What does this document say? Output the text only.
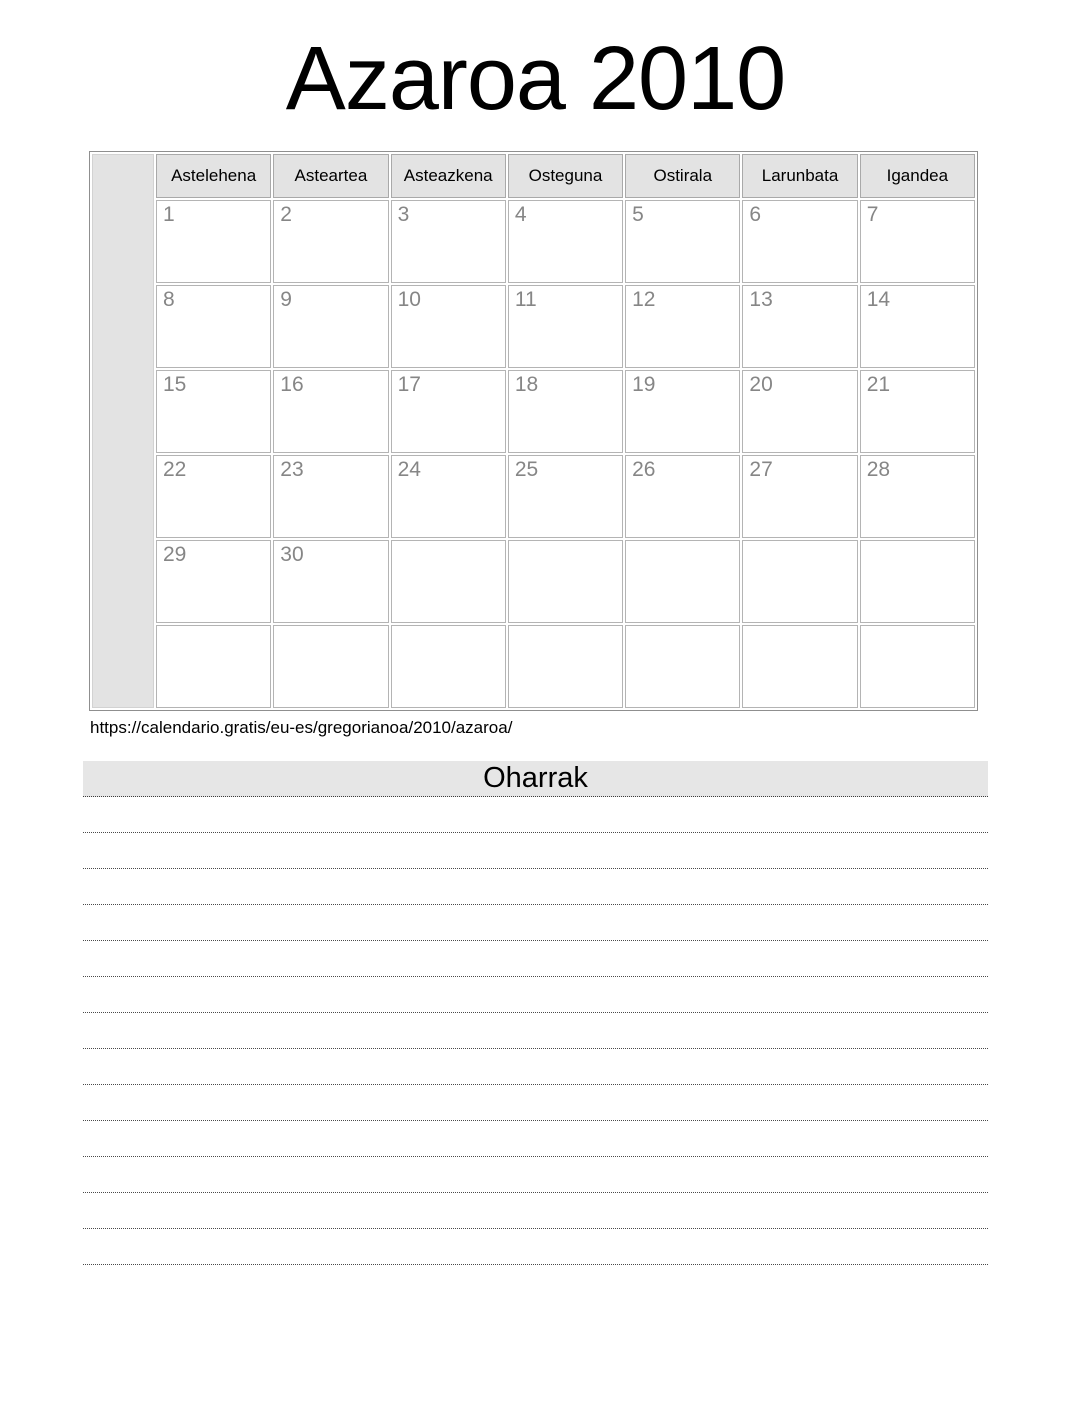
Azaroa 2010
	Astelehena	Asteartea	Asteazkena	Osteguna	Ostirala	Larunbata	Igandea
	1	2	3	4	5	6	7
	8	9	10	11	12	13	14
	15	16	17	18	19	20	21
	22	23	24	25	26	27	28
	29	30					

https://calendario.gratis/eu-es/gregorianoa/2010/azaroa/
Oharrak
